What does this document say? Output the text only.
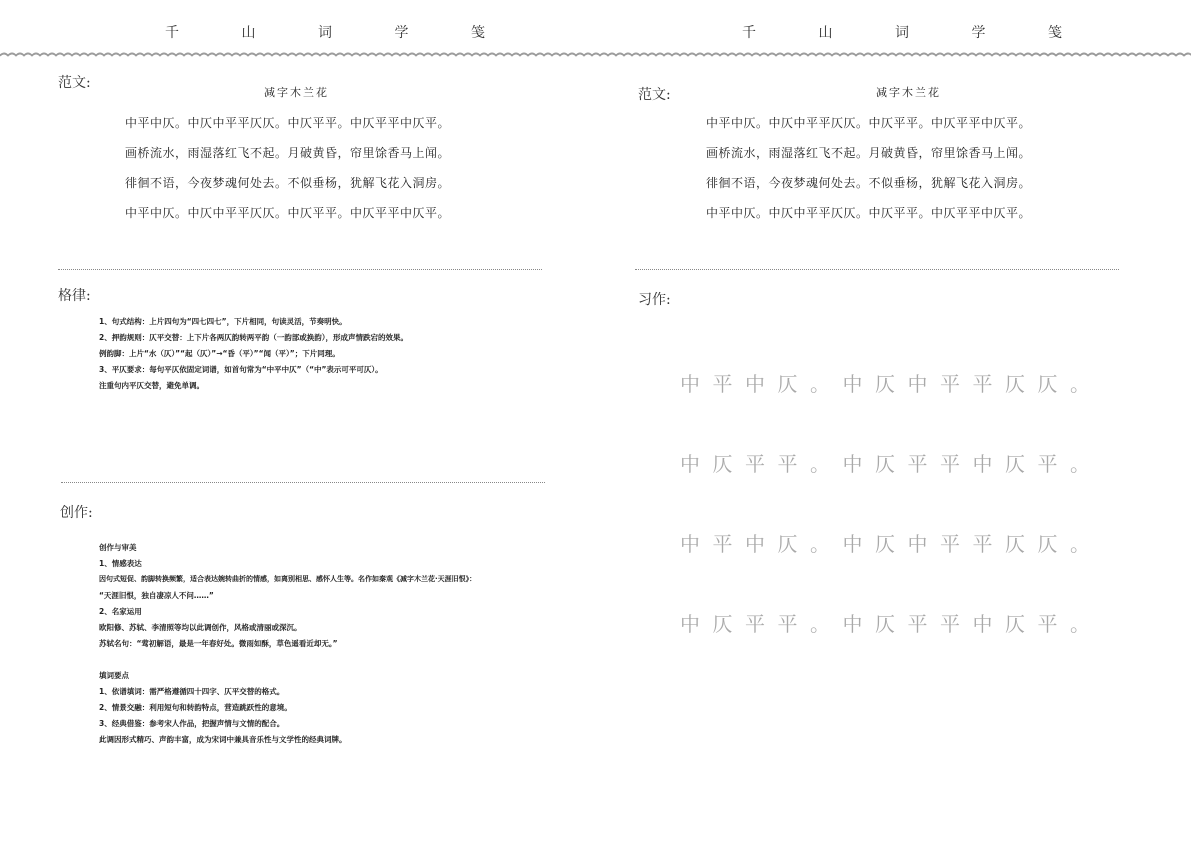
千	山	词	学	笺	千	山	词	学	笺
范文:
减字木兰花
中平中仄。中仄中平平仄仄。中仄平平。中仄平平中仄平。
画桥流水，雨湿落红飞不起。月破黄昏，帘里馀香马上闻。
徘徊不语，今夜梦魂何处去。不似垂杨，犹解飞花入洞房。
中平中仄。中仄中平平仄仄。中仄平平。中仄平平中仄平。
格律:
1、句式结构：上片四句为“四七四七”，下片相同，句读灵活，节奏明快。
2、押韵规则：仄平交替：上下片各两仄韵转两平韵（一韵部或换韵），形成声情跌宕的效果。
例韵脚：上片“水（仄）”“起（仄）”→“昏（平）”“闻（平）”；下片同理。
3、平仄要求：每句平仄依固定词谱，如首句常为“中平中仄”（“中”表示可平可仄）。
注重句内平仄交替，避免单调。
创作:
创作与审美
1、情感表达
因句式短促、韵脚转换频繁，适合表达婉转曲折的情感，如离别相思、感怀人生等。名作如秦观《减字木兰花·天涯旧恨》：
“天涯旧恨，独自凄凉人不问……”
2、名家运用
欧阳修、苏轼、李清照等均以此调创作，风格或清丽或深沉。
苏轼名句：“莺初解语，最是一年春好处。微雨如酥，草色遥看近却无。”
填词要点
1、依谱填词：需严格遵循四十四字、仄平交替的格式。
2、情景交融：利用短句和转韵特点，营造跳跃性的意境。
3、经典借鉴：参考宋人作品，把握声情与文情的配合。
此调因形式精巧、声韵丰富，成为宋词中兼具音乐性与文学性的经典词牌。
范文:	减字木兰花
中平中仄。中仄中平平仄仄。中仄平平。中仄平平中仄平。
画桥流水，雨湿落红飞不起。月破黄昏，帘里馀香马上闻。
徘徊不语，今夜梦魂何处去。不似垂杨，犹解飞花入洞房。
中平中仄。中仄中平平仄仄。中仄平平。中仄平平中仄平。
习作:
中 平 中 仄 。 中 仄 中 平 平 仄 仄 。
中 仄 平 平 。 中 仄 平 平 中 仄 平 。
中 平 中 仄 。 中 仄 中 平 平 仄 仄 。
中 仄 平 平 。 中 仄 平 平 中 仄 平 。
